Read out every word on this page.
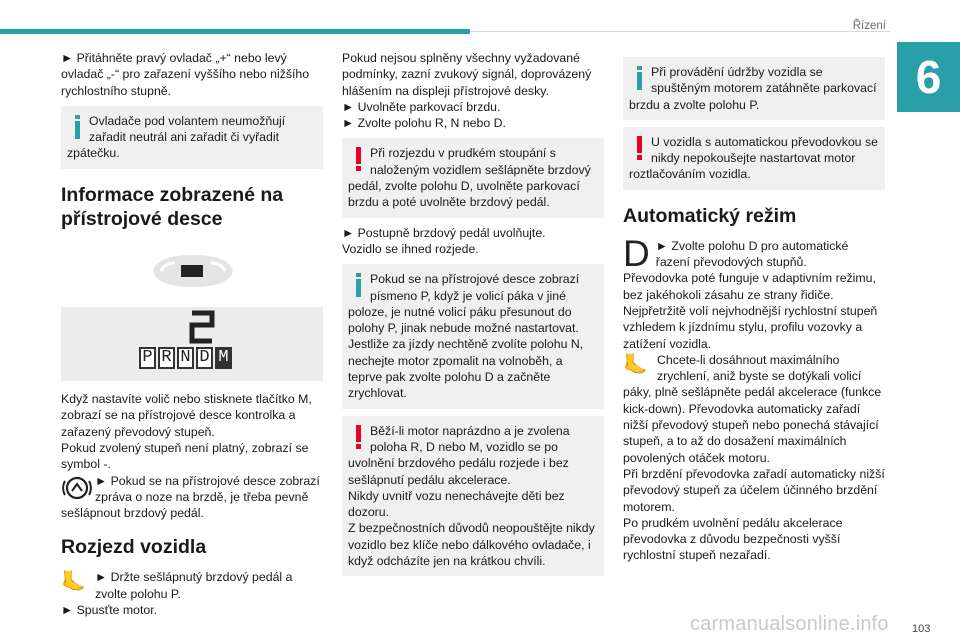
Řízení
6
103
carmanualsonline.info

► Přitáhněte pravý ovladač „+“ nebo levý ovladač „-“ pro zařazení vyššího nebo nižšího rychlostního stupně.

Ovladače pod volantem neumožňují zařadit neutrál ani zařadit či vyřadit zpátečku.

Informace zobrazené na přístrojové desce
2
P R N D M

Když nastavíte volič nebo stisknete tlačítko M, zobrazí se na přístrojové desce kontrolka a zařazený převodový stupeň.

Pokud zvolený stupeň není platný, zobrazí se symbol -.

► Pokud se na přístrojové desce zobrazí zpráva o noze na brzdě, je třeba pevně sešlápnout brzdový pedál.

Rozjezd vozidla
🦶 ► Držte sešlápnutý brzdový pedál a zvolte polohu P.

► Spusťte motor.

Pokud nejsou splněny všechny vyžadované podmínky, zazní zvukový signál, doprovázený hlášením na displeji přístrojové desky.

► Uvolněte parkovací brzdu.

► Zvolte polohu R, N nebo D.

Při rozjezdu v prudkém stoupání s naloženým vozidlem sešlápněte brzdový pedál, zvolte polohu D, uvolněte parkovací brzdu a poté uvolněte brzdový pedál.

► Postupně brzdový pedál uvolňujte.

Vozidlo se ihned rozjede.

Pokud se na přístrojové desce zobrazí písmeno P, když je volicí páka v jiné poloze, je nutné volicí páku přesunout do polohy P, jinak nebude možné nastartovat. Jestliže za jízdy nechtěně zvolíte polohu N, nechejte motor zpomalit na volnoběh, a teprve pak zvolte polohu D a začněte zrychlovat.

Běží-li motor naprázdno a je zvolena poloha R, D nebo M, vozidlo se po uvolnění brzdového pedálu rozjede i bez sešlápnutí pedálu akcelerace.

Nikdy uvnitř vozu nenechávejte děti bez dozoru.

Z bezpečnostních důvodů neopouštějte nikdy vozidlo bez klíče nebo dálkového ovladače, i když odcházíte jen na krátkou chvíli.

Při provádění údržby vozidla se spuštěným motorem zatáhněte parkovací brzdu a zvolte polohu P.

U vozidla s automatickou převodovkou se nikdy nepokoušejte nastartovat motor roztlačováním vozidla.

Automatický režim
D ► Zvolte polohu D pro automatické řazení převodových stupňů.

Převodovka poté funguje v adaptivním režimu, bez jakéhokoli zásahu ze strany řidiče.

Nejpřetržitě volí nejvhodnější rychlostní stupeň vzhledem k jízdnímu stylu, profilu vozovky a zatížení vozidla.

🦶 Chcete-li dosáhnout maximálního zrychlení, aniž byste se dotýkali volicí páky, plně sešlápněte pedál akcelerace (funkce kick-down). Převodovka automaticky zařadí nižší převodový stupeň nebo ponechá stávající stupeň, a to až do dosažení maximálních povolených otáček motoru.

Při brzdění převodovka zařadí automaticky nižší převodový stupeň za účelem účinného brzdění motorem.

Po prudkém uvolnění pedálu akcelerace převodovka z důvodu bezpečnosti vyšší rychlostní stupeň nezařadí.
